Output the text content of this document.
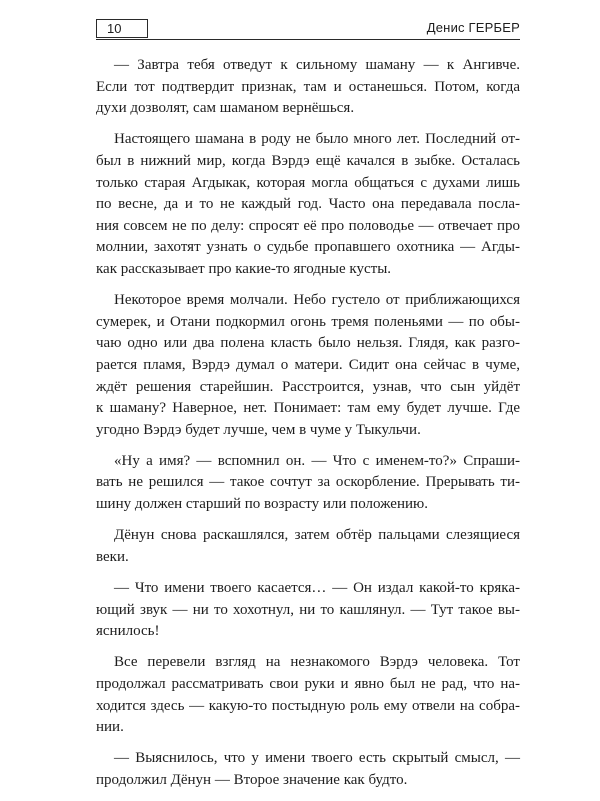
10	Денис ГЕРБЕР

— Завтра тебя отведут к сильному шаману — к Ангивче.
Если тот подтвердит признак, там и останешься. Потом, когда
духи дозволят, сам шаманом вернёшься.

Настоящего шамана в роду не было много лет. Последний от-
был в нижний мир, когда Вэрдэ ещё качался в зыбке. Осталась
только старая Агдыкак, которая могла общаться с духами лишь
по весне, да и то не каждый год. Часто она передавала посла-
ния совсем не по делу: спросят её про половодье — отвечает про
молнии, захотят узнать о судьбе пропавшего охотника — Агды-
как рассказывает про какие-то ягодные кусты.

Некоторое время молчали. Небо густело от приближающихся
сумерек, и Отани подкормил огонь тремя поленьями — по обы-
чаю одно или два полена класть было нельзя. Глядя, как разго-
рается пламя, Вэрдэ думал о матери. Сидит она сейчас в чуме,
ждёт решения старейшин. Расстроится, узнав, что сын уйдёт
к шаману? Наверное, нет. Понимает: там ему будет лучше. Где
угодно Вэрдэ будет лучше, чем в чуме у Тыкульчи.

«Ну а имя? — вспомнил он. — Что с именем-то?» Спраши-
вать не решился — такое сочтут за оскорбление. Прерывать ти-
шину должен старший по возрасту или положению.

Дёнун снова раскашлялся, затем обтёр пальцами слезящиеся
веки.

— Что имени твоего касается… — Он издал какой-то кряка-
ющий звук — ни то хохотнул, ни то кашлянул. — Тут такое вы-
яснилось!

Все перевели взгляд на незнакомого Вэрдэ человека. Тот
продолжал рассматривать свои руки и явно был не рад, что на-
ходится здесь — какую-то постыдную роль ему отвели на собра-
нии.

— Выяснилось, что у имени твоего есть скрытый смысл, —
продолжил Дёнун — Второе значение как будто.
